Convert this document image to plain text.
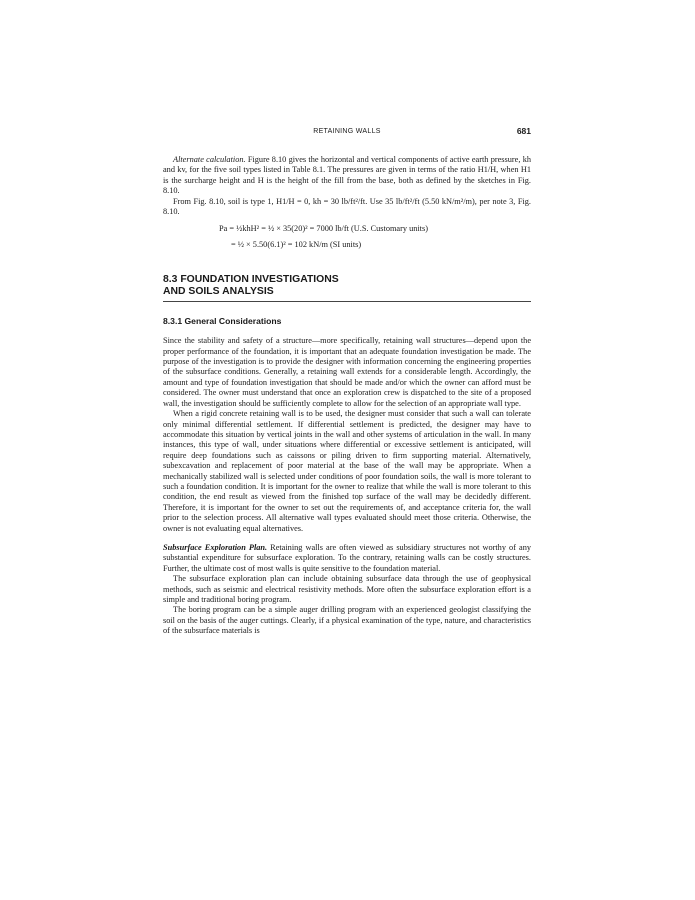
RETAINING WALLS	681

Alternate calculation. Figure 8.10 gives the horizontal and vertical components of active earth pressure, kh and kv, for the five soil types listed in Table 8.1. The pressures are given in terms of the ratio H1/H, when H1 is the surcharge height and H is the height of the fill from the base, both as defined by the sketches in Fig. 8.10.

From Fig. 8.10, soil is type 1, H1/H = 0, kh = 30 lb/ft²/ft. Use 35 lb/ft²/ft (5.50 kN/m²/m), per note 3, Fig. 8.10.

Pa = ½khH² = ½ × 35(20)² = 7000 lb/ft (U.S. Customary units)
= ½ × 5.50(6.1)² = 102 kN/m (SI units)
8.3 FOUNDATION INVESTIGATIONS
AND SOILS ANALYSIS
8.3.1 General Considerations

Since the stability and safety of a structure—more specifically, retaining wall structures—depend upon the proper performance of the foundation, it is important that an adequate foundation investigation be made. The purpose of the investigation is to provide the designer with information concerning the engineering properties of the subsurface conditions. Generally, a retaining wall extends for a considerable length. Accordingly, the amount and type of foundation investigation that should be made and/or which the owner can afford must be considered. The owner must understand that once an exploration crew is dispatched to the site of a proposed wall, the investigation should be sufficiently complete to allow for the selection of an appropriate wall type.

When a rigid concrete retaining wall is to be used, the designer must consider that such a wall can tolerate only minimal differential settlement. If differential settlement is predicted, the designer may have to accommodate this situation by vertical joints in the wall and other systems of articulation in the wall. In many instances, this type of wall, under situations where differential or excessive settlement is anticipated, will require deep foundations such as caissons or piling driven to firm supporting material. Alternatively, subexcavation and replacement of poor material at the base of the wall may be appropriate. When a mechanically stabilized wall is selected under conditions of poor foundation soils, the wall is more tolerant to such a foundation condition. It is important for the owner to realize that while the wall is more tolerant to this condition, the end result as viewed from the finished top surface of the wall may be decidedly different. Therefore, it is important for the owner to set out the requirements of, and acceptance criteria for, the wall prior to the selection process. All alternative wall types evaluated should meet those criteria. Otherwise, the owner is not evaluating equal alternatives.

Subsurface Exploration Plan. Retaining walls are often viewed as subsidiary structures not worthy of any substantial expenditure for subsurface exploration. To the contrary, retaining walls can be costly structures. Further, the ultimate cost of most walls is quite sensitive to the foundation material.

The subsurface exploration plan can include obtaining subsurface data through the use of geophysical methods, such as seismic and electrical resistivity methods. More often the subsurface exploration effort is a simple and traditional boring program.

The boring program can be a simple auger drilling program with an experienced geologist classifying the soil on the basis of the auger cuttings. Clearly, if a physical examination of the type, nature, and characteristics of the subsurface materials is
